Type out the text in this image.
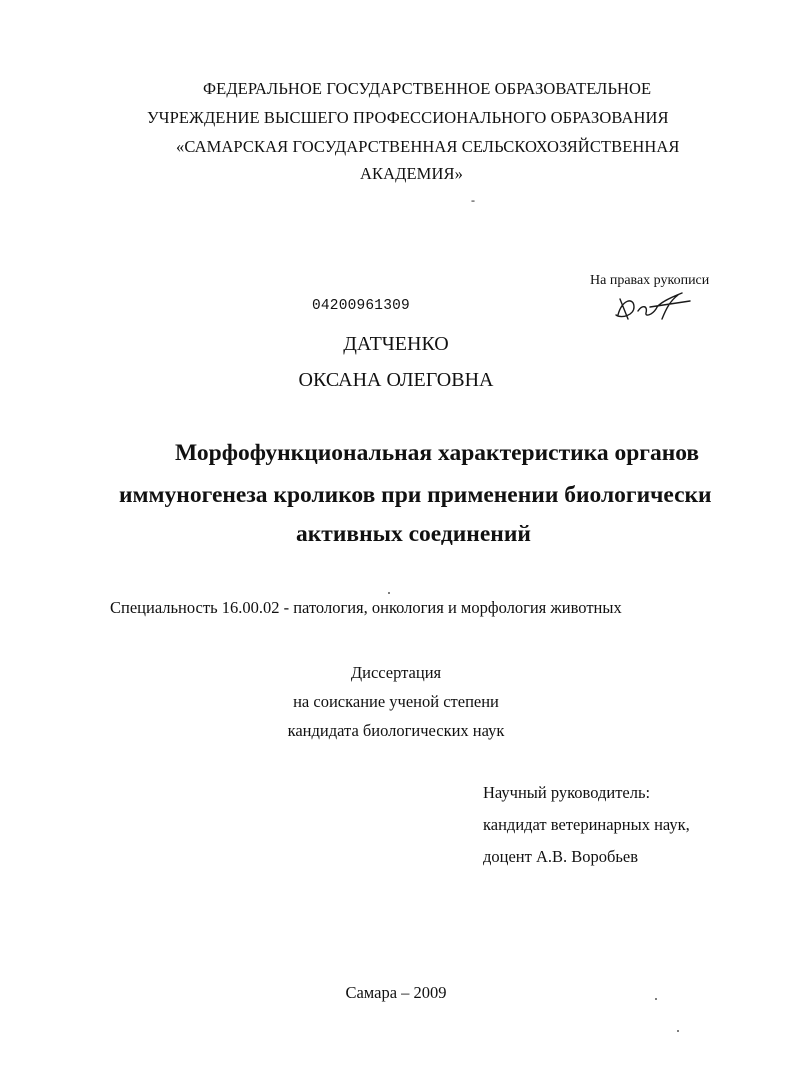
ФЕДЕРАЛЬНОЕ ГОСУДАРСТВЕННОЕ ОБРАЗОВАТЕЛЬНОЕ
УЧРЕЖДЕНИЕ ВЫСШЕГО ПРОФЕССИОНАЛЬНОГО ОБРАЗОВАНИЯ
«САМАРСКАЯ ГОСУДАРСТВЕННАЯ СЕЛЬСКОХОЗЯЙСТВЕННАЯ
АКАДЕМИЯ»
-
На правах рукописи
04200961309
ДАТЧЕНКО
ОКСАНА ОЛЕГОВНА
Морфофункциональная характеристика органов
иммуногенеза кроликов при применении биологически
активных соединений
Специальность 16.00.02 - патология, онкология и морфология животных
Диссертация
на соискание ученой степени
кандидата биологических наук
Научный руководитель:
кандидат ветеринарных наук,
доцент А.В. Воробьев
Самара – 2009
